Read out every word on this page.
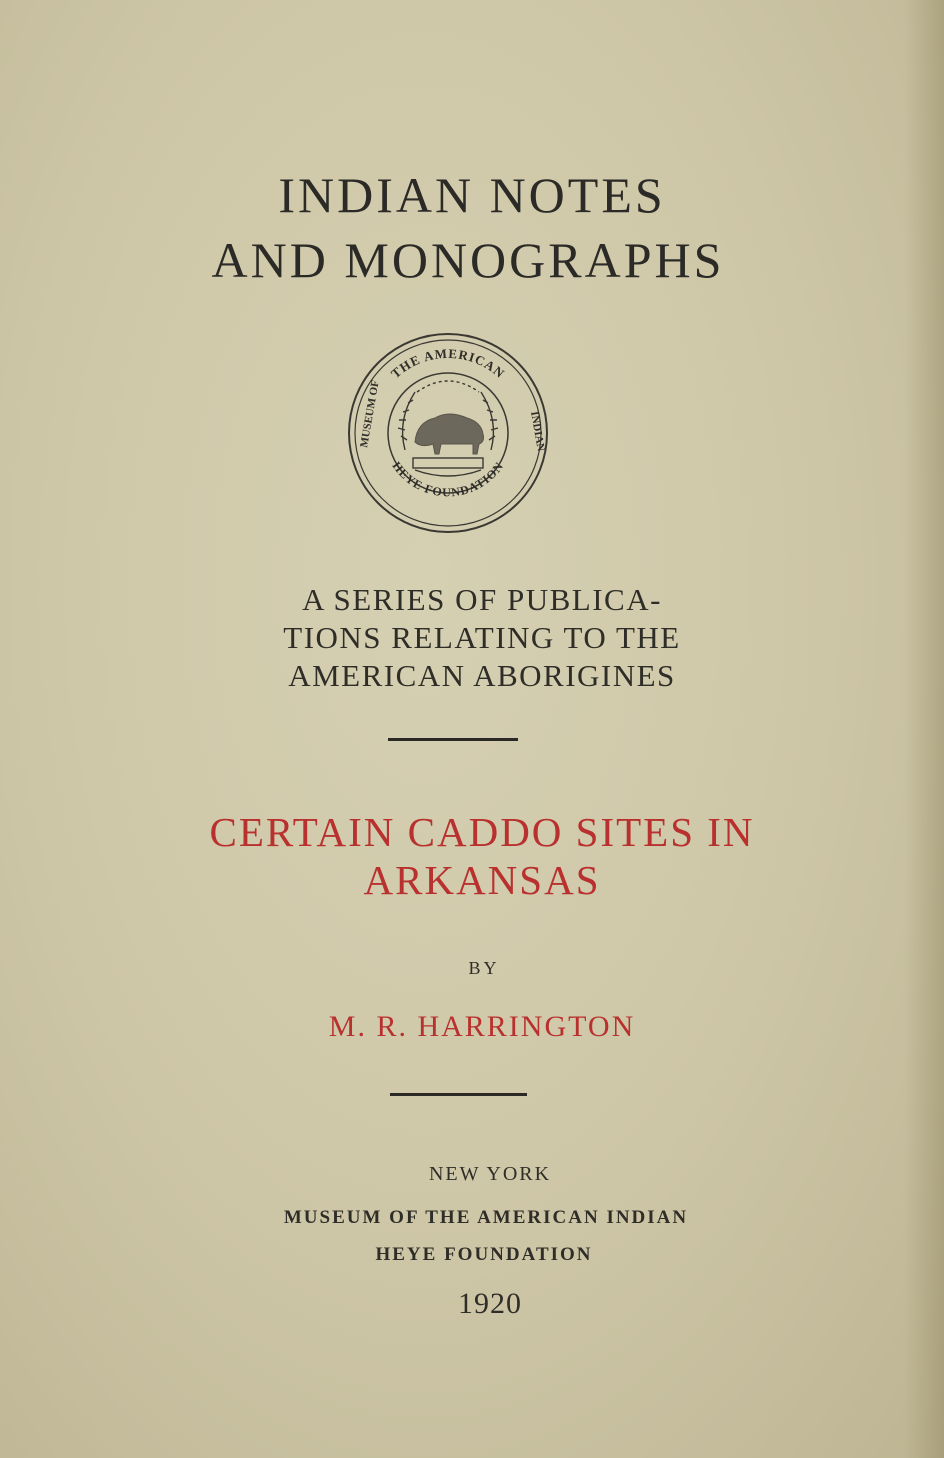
INDIAN NOTES
AND MONOGRAPHS
THE AMERICAN
HEYE FOUNDATION
MUSEUM OF	INDIAN

A SERIES OF PUBLICA-

TIONS RELATING TO THE

AMERICAN ABORIGINES

CERTAIN CADDO SITES IN
ARKANSAS

BY

M. R. HARRINGTON

NEW YORK

MUSEUM OF THE AMERICAN INDIAN

HEYE FOUNDATION

1920
